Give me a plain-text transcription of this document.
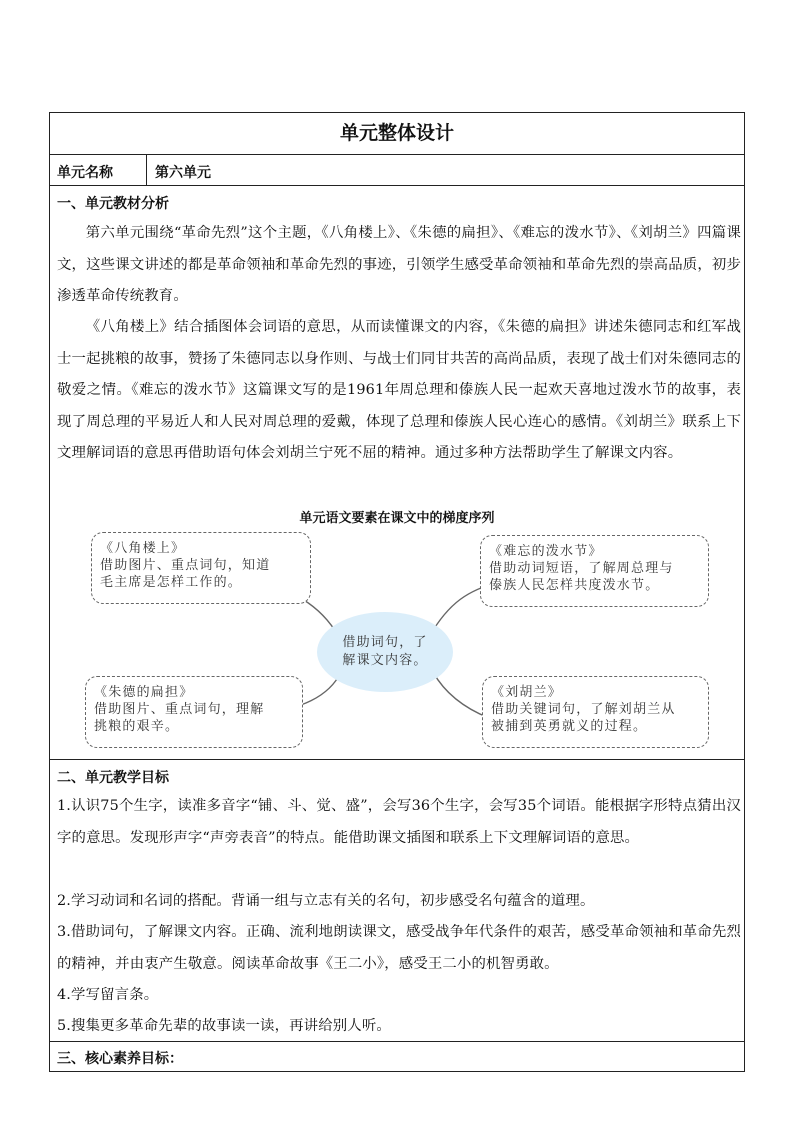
单元整体设计
单元名称	第六单元
一、单元教材分析

第六单元围绕“革命先烈”这个主题，《八角楼上》、《朱德的扁担》、《难忘的泼水节》、《刘胡兰》四篇课文，这些课文讲述的都是革命领袖和革命先烈的事迹，引领学生感受革命领袖和革命先烈的崇高品质，初步渗透革命传统教育。

《八角楼上》结合插图体会词语的意思，从而读懂课文的内容，《朱德的扁担》讲述朱德同志和红军战士一起挑粮的故事，赞扬了朱德同志以身作则、与战士们同甘共苦的高尚品质，表现了战士们对朱德同志的敬爱之情。《难忘的泼水节》这篇课文写的是1961年周总理和傣族人民一起欢天喜地过泼水节的故事，表现了周总理的平易近人和人民对周总理的爱戴，体现了总理和傣族人民心连心的感情。《刘胡兰》联系上下文理解词语的意思再借助语句体会刘胡兰宁死不屈的精神。通过多种方法帮助学生了解课文内容。

单元语文要素在课文中的梯度序列
《八角楼上》
借助图片、重点词句，知道
毛主席是怎样工作的。
《难忘的泼水节》
借助动词短语，了解周总理与
傣族人民怎样共度泼水节。
借助词句，了
解课文内容。
《朱德的扁担》
借助图片、重点词句，理解
挑粮的艰辛。
《刘胡兰》
借助关键词句，了解刘胡兰从
被捕到英勇就义的过程。
二、单元教学目标

1.认识75个生字，读准多音字“铺、斗、觉、盛”，会写36个生字，会写35个词语。能根据字形特点猜出汉字的意思。发现形声字“声旁表音”的特点。能借助课文插图和联系上下文理解词语的意思。

2.学习动词和名词的搭配。背诵一组与立志有关的名句，初步感受名句蕴含的道理。

3.借助词句，了解课文内容。正确、流利地朗读课文，感受战争年代条件的艰苦，感受革命领袖和革命先烈的精神，并由衷产生敬意。阅读革命故事《王二小》，感受王二小的机智勇敢。

4.学写留言条。

5.搜集更多革命先辈的故事读一读，再讲给别人听。

三、核心素养目标：
